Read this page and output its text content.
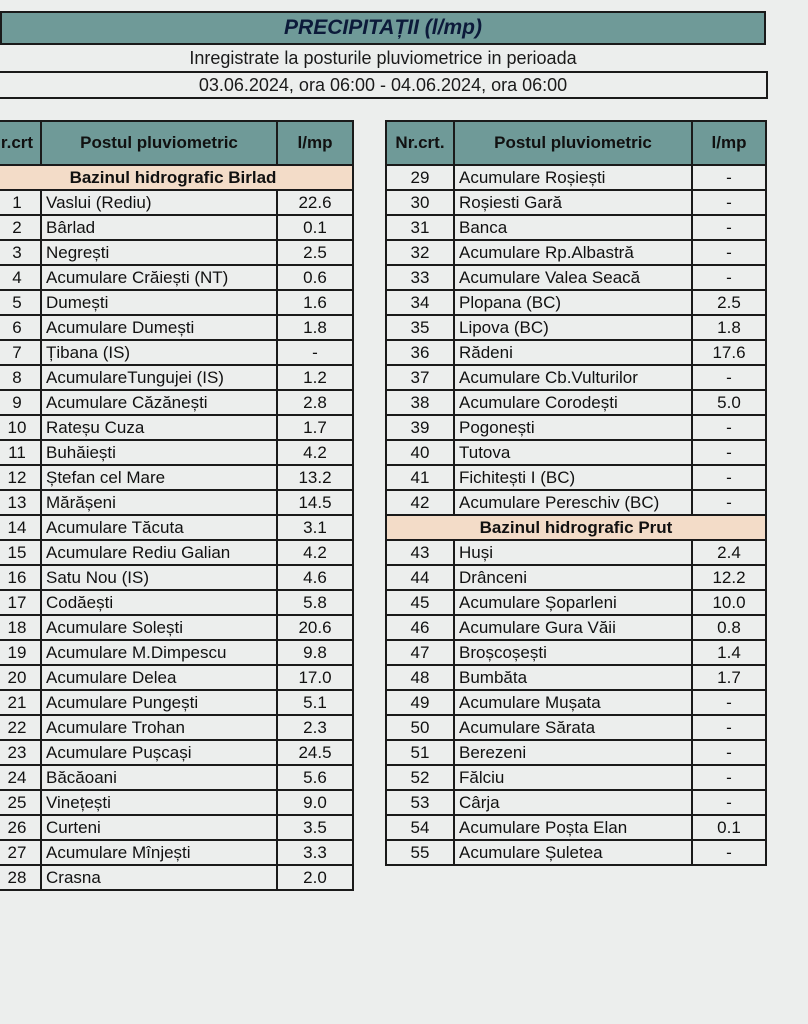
PRECIPITAȚII (l/mp)
Inregistrate la posturile pluviometrice in perioada
03.06.2024, ora 06:00 - 04.06.2024, ora 06:00
r.crt	Postul pluviometric	l/mp
Bazinul hidrografic Birlad		
1	Vaslui (Rediu)	22.6
2	Bârlad	0.1
3	Negrești	2.5
4	Acumulare Crăiești (NT)	0.6
5	Dumești	1.6
6	Acumulare Dumești	1.8
7	Țibana (IS)	-
8	AcumulareTungujei (IS)	1.2
9	Acumulare Căzănești	2.8
10	Rateșu Cuza	1.7
11	Buhăiești	4.2
12	Ștefan cel Mare	13.2
13	Mărășeni	14.5
14	Acumulare Tăcuta	3.1
15	Acumulare Rediu Galian	4.2
16	Satu Nou (IS)	4.6
17	Codăești	5.8
18	Acumulare Solești	20.6
19	Acumulare M.Dimpescu	9.8
20	Acumulare Delea	17.0
21	Acumulare Pungești	5.1
22	Acumulare Trohan	2.3
23	Acumulare Pușcași	24.5
24	Băcăoani	5.6
25	Vinețești	9.0
26	Curteni	3.5
27	Acumulare Mînjești	3.3
28	Crasna	2.0
Nr.crt.	Postul pluviometric	l/mp
29	Acumulare Roșiești	-
30	Roșiesti Gară	-
31	Banca	-
32	Acumulare Rp.Albastră	-
33	Acumulare Valea Seacă	-
34	Plopana (BC)	2.5
35	Lipova (BC)	1.8
36	Rădeni	17.6
37	Acumulare Cb.Vulturilor	-
38	Acumulare Corodești	5.0
39	Pogonești	-
40	Tutova	-
41	Fichitești I (BC)	-
42	Acumulare Pereschiv (BC)	-
Bazinul hidrografic Prut		
43	Huși	2.4
44	Drânceni	12.2
45	Acumulare Șoparleni	10.0
46	Acumulare Gura Văii	0.8
47	Broșcoșești	1.4
48	Bumbăta	1.7
49	Acumulare Mușata	-
50	Acumulare Sărata	-
51	Berezeni	-
52	Fălciu	-
53	Cârja	-
54	Acumulare Poșta Elan	0.1
55	Acumulare Șuletea	-
